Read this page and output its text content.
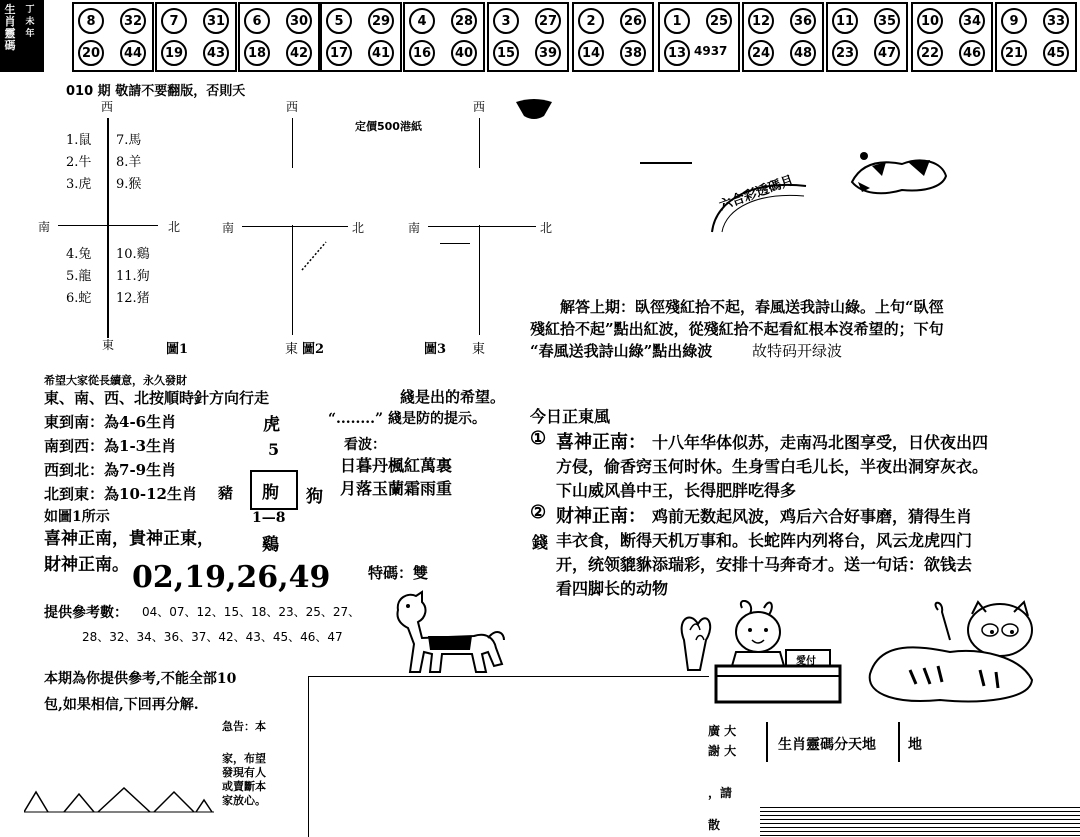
生肖靈碼
丁未年
8	32
20	44
7	31
19	43
6	30
18	42
5	29
17	41
4	28
16	40
3	27
15	39
2	26
14	38
1	25
13 4937
12	36
24	48
11	35
23	47
10	34
22	46
9	33
21	45
010 期 敬請不要翻版，否則夭
定價500港紙
西
南	北
東
1.鼠
2.牛
3.虎
7.馬
8.羊
9.猴
4.兔
5.龍
6.蛇
10.鷄
11.狗
12.猪
圖1
西
南	北
東 圖2
西
南	北
圖3 東
希望大家從長續意，永久發財
東、南、西、北按順時針方向行走	綫是出的希望。
“........” 綫是防的提示。
東到南：為4-6生肖
南到西：為1-3生肖
西到北：為7-9生肖
北到東：為10-12生肖 豬
虎
5
朐 狗
1—8
鷄
看波：
日暮丹楓紅萬裏
月落玉蘭霜雨重
如圖1所示
喜神正南，貴神正東，
財神正南。 02,19,26,49	特碼：雙
提供參考數： 04、07、12、15、18、23、25、27、
28、32、34、36、37、42、43、45、46、47
本期為你提供參考,不能全部10
包,如果相信,下回再分解.
急告：本
家，布望
發現有人
或賣斷本
家放心。
六合彩透碼月
解答上期：臥徑殘紅拾不起，春風送我詩山綠。上句“臥徑
殘紅拾不起”點出紅波，從殘紅拾不起看紅根本沒希望的；下句
“春風送我詩山綠”點出綠波	故特码开绿波
今日正東風
① 喜神正南： 十八年华体似苏，走南冯北图享受，日伏夜出四
方侵，偷香窍玉何时休。生身雪白毛儿长，半夜出洞穿灰衣。
下山威风兽中王，长得肥胖吃得多
② 财神正南： 鸡前无数起风波，鸡后六合好事磨，猜得生肖
錢 丰衣食，断得天机万事和。长蛇阵内列将台，风云龙虎四门
开，统领貔貅添瑞彩，安排十马奔奇才。送一句话：欲钱去
看四脚长的动物
愛付
廣 大
謝 大
，請
散
生肖靈碼分天地 地
